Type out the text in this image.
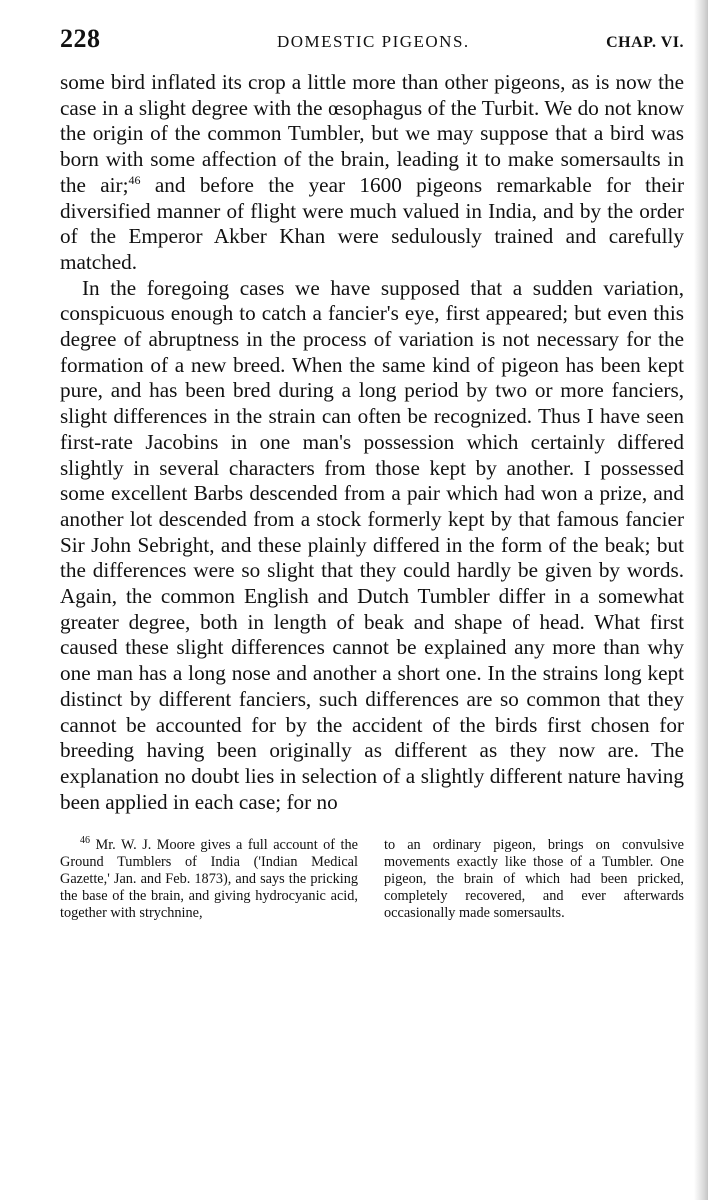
228	DOMESTIC PIGEONS.	CHAP. VI.

some bird inflated its crop a little more than other pigeons, as is now the case in a slight degree with the œsophagus of the Turbit. We do not know the origin of the common Tumbler, but we may suppose that a bird was born with some affection of the brain, leading it to make somersaults in the air;$^{46}$ and before the year 1600 pigeons remarkable for their diversified manner of flight were much valued in India, and by the order of the Emperor Akber Khan were sedulously trained and carefully matched.

In the foregoing cases we have supposed that a sudden variation, conspicuous enough to catch a fancier's eye, first appeared; but even this degree of abruptness in the process of variation is not necessary for the formation of a new breed. When the same kind of pigeon has been kept pure, and has been bred during a long period by two or more fanciers, slight differences in the strain can often be recognized. Thus I have seen first-rate Jacobins in one man's possession which certainly differed slightly in several characters from those kept by another. I possessed some excellent Barbs descended from a pair which had won a prize, and another lot descended from a stock formerly kept by that famous fancier Sir John Sebright, and these plainly differed in the form of the beak; but the differences were so slight that they could hardly be given by words. Again, the common English and Dutch Tumbler differ in a somewhat greater degree, both in length of beak and shape of head. What first caused these slight differences cannot be explained any more than why one man has a long nose and another a short one. In the strains long kept distinct by different fanciers, such differences are so common that they cannot be accounted for by the accident of the birds first chosen for breeding having been originally as different as they now are. The explanation no doubt lies in selection of a slightly different nature having been applied in each case; for no

$^{46}$ Mr. W. J. Moore gives a full account of the Ground Tumblers of India ('Indian Medical Gazette,' Jan. and Feb. 1873), and says the pricking the base of the brain, and giving hydrocyanic acid, together with strychnine,
to an ordinary pigeon, brings on convulsive movements exactly like those of a Tumbler. One pigeon, the brain of which had been pricked, completely recovered, and ever afterwards occasionally made somersaults.
